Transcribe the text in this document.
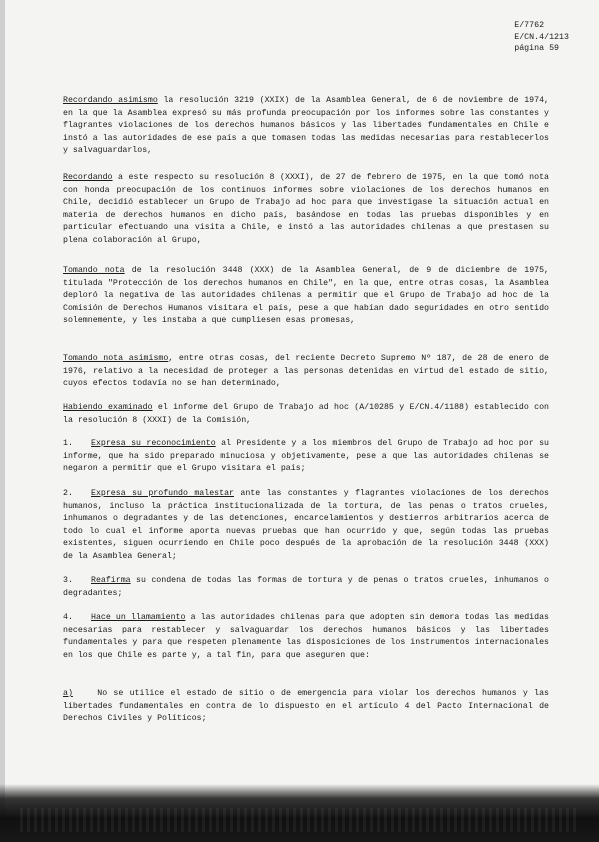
E/7762
E/CN.4/1213
página 59
Recordando asimismo la resolución 3219 (XXIX) de la Asamblea General, de 6 de noviembre de 1974, en la que la Asamblea expresó su más profunda preocupación por los informes sobre las constantes y flagrantes violaciones de los derechos humanos básicos y las libertades fundamentales en Chile e instó a las autoridades de ese país a que tomasen todas las medidas necesarias para restablecerlos y salvaguardarlos,
Recordando a este respecto su resolución 8 (XXXI), de 27 de febrero de 1975, en la que tomó nota con honda preocupación de los continuos informes sobre violaciones de los derechos humanos en Chile, decidió establecer un Grupo de Trabajo ad hoc para que investigase la situación actual en materia de derechos humanos en dicho país, basándose en todas las pruebas disponibles y en particular efectuando una visita a Chile, e instó a las autoridades chilenas a que prestasen su plena colaboración al Grupo,
Tomando nota de la resolución 3448 (XXX) de la Asamblea General, de 9 de diciembre de 1975, titulada "Protección de los derechos humanos en Chile", en la que, entre otras cosas, la Asamblea deploró la negativa de las autoridades chilenas a permitir que el Grupo de Trabajo ad hoc de la Comisión de Derechos Humanos visitara el país, pese a que habían dado seguridades en otro sentido solemnemente, y les instaba a que cumpliesen esas promesas,
Tomando nota asimismo, entre otras cosas, del reciente Decreto Supremo Nº 187, de 28 de enero de 1976, relativo a la necesidad de proteger a las personas detenidas en virtud del estado de sitio, cuyos efectos todavía no se han determinado,
Habiendo examinado el informe del Grupo de Trabajo ad hoc (A/10285 y E/CN.4/1188) establecido con la resolución 8 (XXXI) de la Comisión,
1. Expresa su reconocimiento al Presidente y a los miembros del Grupo de Trabajo ad hoc por su informe, que ha sido preparado minuciosa y objetivamente, pese a que las autoridades chilenas se negaron a permitir que el Grupo visitara el país;
2. Expresa su profundo malestar ante las constantes y flagrantes violaciones de los derechos humanos, incluso la práctica institucionalizada de la tortura, de las penas o tratos crueles, inhumanos o degradantes y de las detenciones, encarcelamientos y destierros arbitrarios acerca de todo lo cual el informe aporta nuevas pruebas que han ocurrido y que, según todas las pruebas existentes, siguen ocurriendo en Chile poco después de la aprobación de la resolución 3448 (XXX) de la Asamblea General;
3. Reafirma su condena de todas las formas de tortura y de penas o tratos crueles, inhumanos o degradantes;
4. Hace un llamamiento a las autoridades chilenas para que adopten sin demora todas las medidas necesarias para restablecer y salvaguardar los derechos humanos básicos y las libertades fundamentales y para que respeten plenamente las disposiciones de los instrumentos internacionales en los que Chile es parte y, a tal fin, para que aseguren que:
a) No se utilice el estado de sitio o de emergencia para violar los derechos humanos y las libertades fundamentales en contra de lo dispuesto en el artículo 4 del Pacto Internacional de Derechos Civiles y Políticos;
